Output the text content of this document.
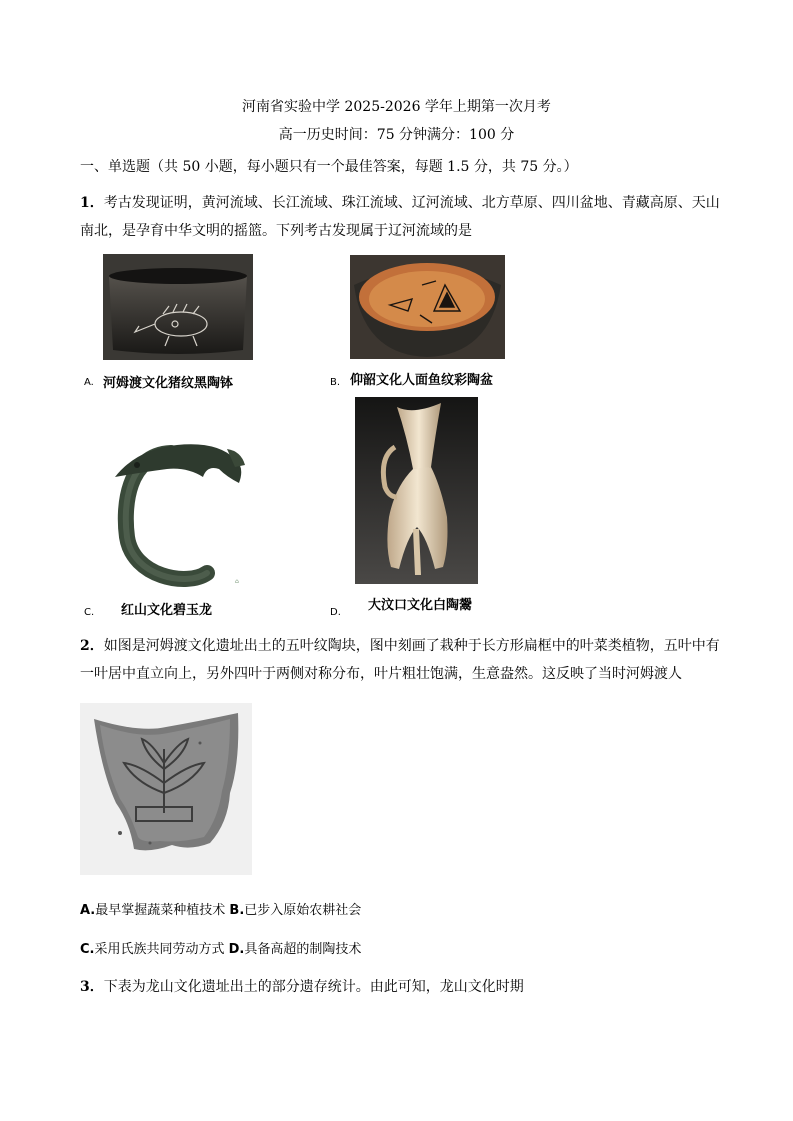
河南省实验中学 2025-2026 学年上期第一次月考
高一历史时间：75 分钟满分：100 分
一、单选题（共 50 小题，每小题只有一个最佳答案，每题 1.5 分，共 75 分。）
1．考古发现证明，黄河流域、长江流域、珠江流域、辽河流域、北方草原、四川盆地、青藏高原、天山南北，是孕育中华文明的摇篮。下列考古发现属于辽河流域的是
A. 河姆渡文化猪纹黑陶钵	B. 仰韶文化人面鱼纹彩陶盆
⌂
C. 红山文化碧玉龙	D. 大汶口文化白陶鬶
2．如图是河姆渡文化遗址出土的五叶纹陶块，图中刻画了栽种于长方形扁框中的叶菜类植物，五叶中有一叶居中直立向上，另外四叶于两侧对称分布，叶片粗壮饱满，生意盎然。这反映了当时河姆渡人
A.最早掌握蔬菜种植技术 B.已步入原始农耕社会
C.采用氏族共同劳动方式 D.具备高超的制陶技术
3．下表为龙山文化遗址出土的部分遗存统计。由此可知，龙山文化时期
